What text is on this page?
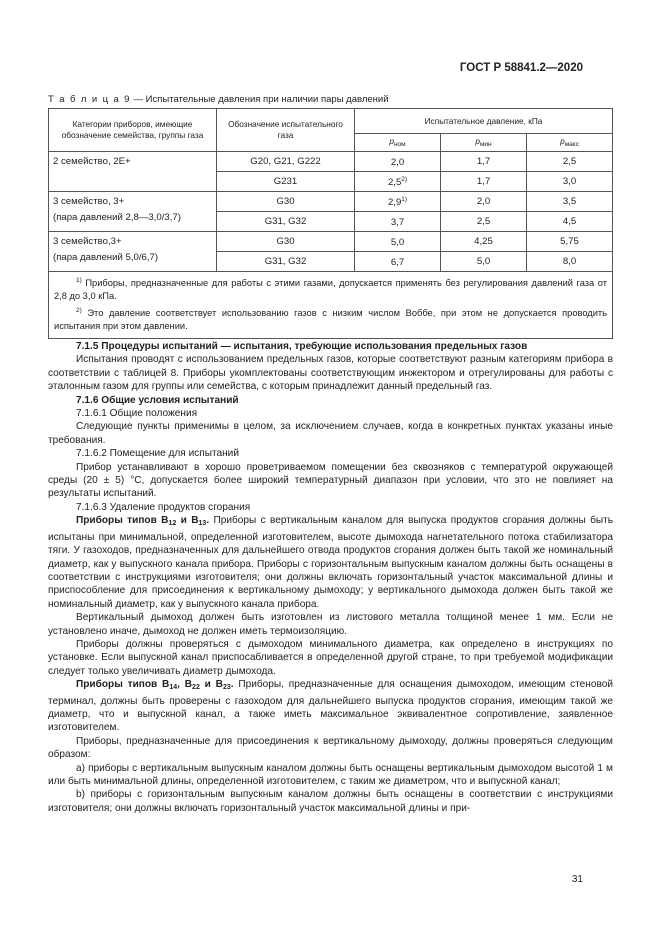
ГОСТ Р 58841.2—2020
Т а б л и ц а 9 — Испытательные давления при наличии пары давлений
Категории приборов, имеющие обозначение семейства, группы газа	Обозначение испытательного газа	Испытательное давление, кПа		
		$p_{ном}$	$p_{мин}$	$p_{макс}$
2 семейство, 2E+	G20, G21, G222	2,0	1,7	2,5
	G231	2,5$^{2)}$	1,7	3,0
3 семейство, 3+
(пара давлений 2,8—3,0/3,7)	G30	2,9$^{1)}$	2,0	3,5
	G31, G32	3,7	2,5	4,5
3 семейство,3+
(пара давлений 5,0/6,7)	G30	5,0	4,25	5,75
	G31, G32	6,7	5,0	8,0

$^{1)}$ Приборы, предназначенные для работы с этими газами, допускается применять без регулирования давлений газа от 2,8 до 3,0 кПа.

$^{2)}$ Это давление соответствует использованию газов с низким числом Воббе, при этом не допускается проводить испытания при этом давлении.				

7.1.5 Процедуры испытаний — испытания, требующие использования предельных газов

Испытания проводят с использованием предельных газов, которые соответствуют разным категориям прибора в соответствии с таблицей 8. Приборы укомплектованы соответствующим инжектором и отрегулированы для работы с эталонным газом для группы или семейства, с которым принадлежит данный предельный газ.

7.1.6 Общие условия испытаний

7.1.6.1 Общие положения

Следующие пункты применимы в целом, за исключением случаев, когда в конкретных пунктах указаны иные требования.

7.1.6.2 Помещение для испытаний

Прибор устанавливают в хорошо проветриваемом помещении без сквозняков с температурой окружающей среды (20 ± 5) °C, допускается более широкий температурный диапазон при условии, что это не повлияет на результаты испытаний.

7.1.6.3 Удаление продуктов сгорания

Приборы типов B12 и B13. Приборы с вертикальным каналом для выпуска продуктов сгорания должны быть испытаны при минимальной, определенной изготовителем, высоте дымохода нагнетательного потока стабилизатора тяги. У газоходов, предназначенных для дальнейшего отвода продуктов сгорания должен быть такой же номинальный диаметр, как у выпускного канала прибора. Приборы с горизонтальным выпускным каналом должны быть оснащены в соответствии с инструкциями изготовителя; они должны включать горизонтальный участок максимальной длины и приспособление для присоединения к вертикальному дымоходу; у вертикального дымохода должен быть такой же номинальный диаметр, как у выпускного канала прибора.

Вертикальный дымоход должен быть изготовлен из листового металла толщиной менее 1 мм. Если не установлено иначе, дымоход не должен иметь термоизоляцию.

Приборы должны проверяться с дымоходом минимального диаметра, как определено в инструкциях по установке. Если выпускной канал приспосабливается в определенной другой стране, то при требуемой модификации следует только увеличивать диаметр дымохода.

Приборы типов B14, B22 и B23. Приборы, предназначенные для оснащения дымоходом, имеющим стеновой терминал, должны быть проверены с газоходом для дальнейшего выпуска продуктов сгорания, имеющим такой же диаметр, что и выпускной канал, а также иметь максимальное эквивалентное сопротивление, заявленное изготовителем.

Приборы, предназначенные для присоединения к вертикальному дымоходу, должны проверяться следующим образом:

a) приборы с вертикальным выпускным каналом должны быть оснащены вертикальным дымоходом высотой 1 м или быть минимальной длины, определенной изготовителем, с таким же диаметром, что и выпускной канал;

b) приборы с горизонтальным выпускным каналом должны быть оснащены в соответствии с инструкциями изготовителя; они должны включать горизонтальный участок максимальной длины и при-

31
